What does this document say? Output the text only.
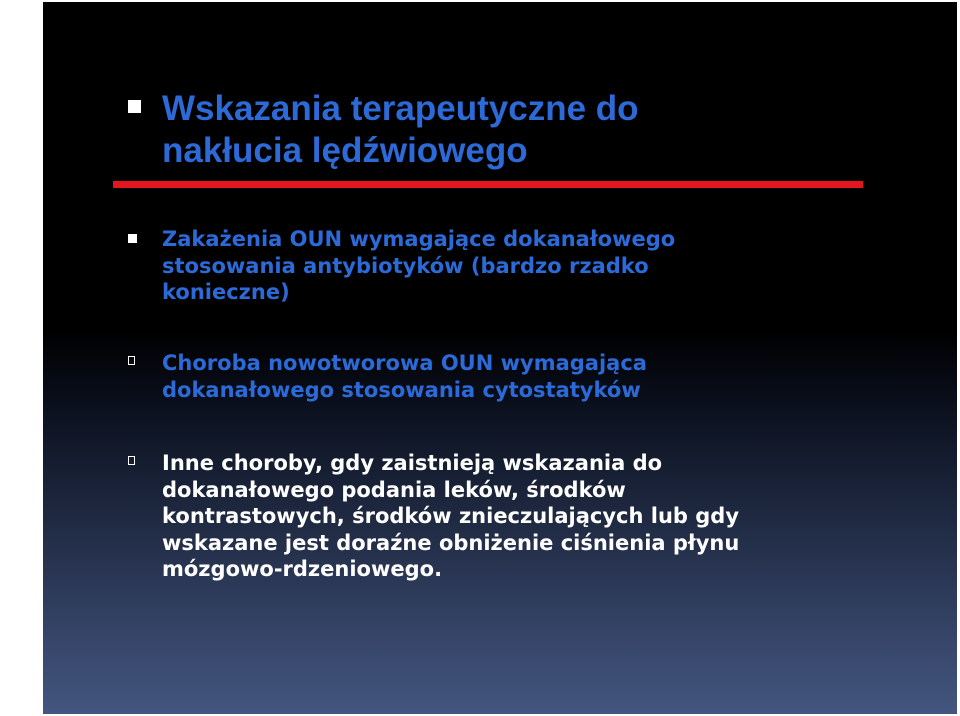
Wskazania terapeutyczne do
nakłucia lędźwiowego

Zakażenia OUN wymagające dokanałowego
stosowania antybiotyków (bardzo rzadko
konieczne)

Choroba nowotworowa OUN wymagająca
dokanałowego stosowania cytostatyków

Inne choroby, gdy zaistnieją wskazania do
dokanałowego podania leków, środków
kontrastowych, środków znieczulających lub gdy
wskazane jest doraźne obniżenie ciśnienia płynu
mózgowo-rdzeniowego.
